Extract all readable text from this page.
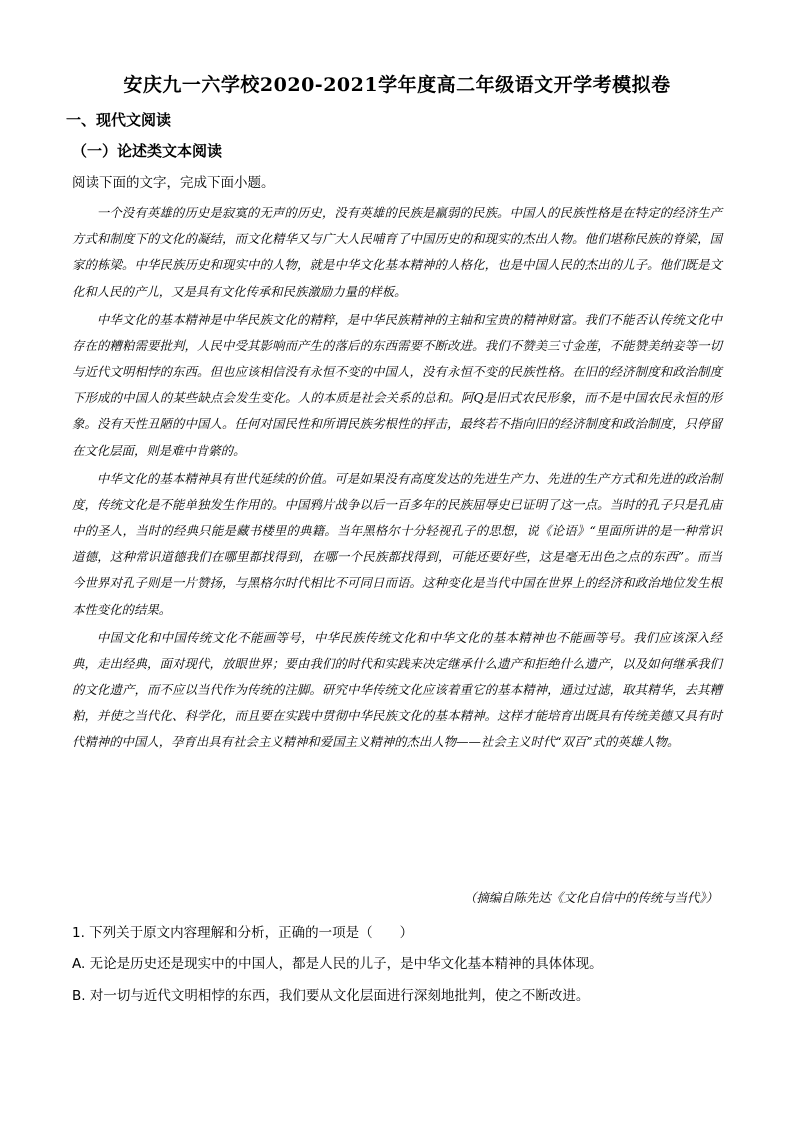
安庆九一六学校2020-2021学年度高二年级语文开学考模拟卷
一、现代文阅读
（一）论述类文本阅读
阅读下面的文字，完成下面小题。

一个没有英雄的历史是寂寞的无声的历史，没有英雄的民族是羸弱的民族。中国人的民族性格是在特定的经济生产方式和制度下的文化的凝结，而文化精华又与广大人民哺育了中国历史的和现实的杰出人物。他们堪称民族的脊梁，国家的栋梁。中华民族历史和现实中的人物，就是中华文化基本精神的人格化，也是中国人民的杰出的儿子。他们既是文化和人民的产儿，又是具有文化传承和民族激励力量的样板。

中华文化的基本精神是中华民族文化的精粹，是中华民族精神的主轴和宝贵的精神财富。我们不能否认传统文化中存在的糟粕需要批判，人民中受其影响而产生的落后的东西需要不断改进。我们不赞美三寸金莲，不能赞美纳妾等一切与近代文明相悖的东西。但也应该相信没有永恒不变的中国人，没有永恒不变的民族性格。在旧的经济制度和政治制度下形成的中国人的某些缺点会发生变化。人的本质是社会关系的总和。阿Q是旧式农民形象，而不是中国农民永恒的形象。没有天性丑陋的中国人。任何对国民性和所谓民族劣根性的抨击，最终若不指向旧的经济制度和政治制度，只停留在文化层面，则是难中肯綮的。

中华文化的基本精神具有世代延续的价值。可是如果没有高度发达的先进生产力、先进的生产方式和先进的政治制度，传统文化是不能单独发生作用的。中国鸦片战争以后一百多年的民族屈辱史已证明了这一点。当时的孔子只是孔庙中的圣人，当时的经典只能是藏书楼里的典籍。当年黑格尔十分轻视孔子的思想，说《论语》“里面所讲的是一种常识道德，这种常识道德我们在哪里都找得到，在哪一个民族都找得到，可能还要好些，这是毫无出色之点的东西”。而当今世界对孔子则是一片赞扬，与黑格尔时代相比不可同日而语。这种变化是当代中国在世界上的经济和政治地位发生根本性变化的结果。

中国文化和中国传统文化不能画等号，中华民族传统文化和中华文化的基本精神也不能画等号。我们应该深入经典，走出经典，面对现代，放眼世界；要由我们的时代和实践来决定继承什么遗产和拒绝什么遗产，以及如何继承我们的文化遗产，而不应以当代作为传统的注脚。研究中华传统文化应该着重它的基本精神，通过过滤，取其精华，去其糟粕，并使之当代化、科学化，而且要在实践中贯彻中华民族文化的基本精神。这样才能培育出既具有传统美德又具有时代精神的中国人，孕育出具有社会主义精神和爱国主义精神的杰出人物——社会主义时代“双百”式的英雄人物。

（摘编自陈先达《文化自信中的传统与当代》）
1. 下列关于原文内容理解和分析，正确的一项是（　　）
A. 无论是历史还是现实中的中国人，都是人民的儿子，是中华文化基本精神的具体体现。
B. 对一切与近代文明相悖的东西，我们要从文化层面进行深刻地批判，使之不断改进。
